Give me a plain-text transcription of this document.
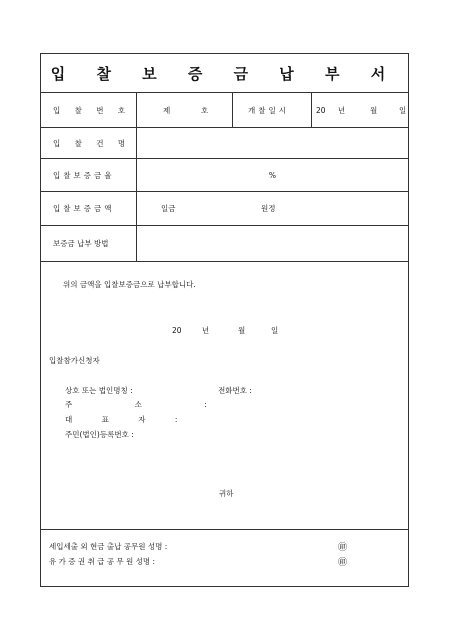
입 찰 보 증 금 납 부 서
입 찰 번 호	제	호	개찰일시	20 년	월	일
입 찰 건 명
입찰보증금율	%
입찰보증금액	일금	원정
보증금 납부 방법
위의 금액을 입찰보증금으로 납부합니다.
20 년	월	일
입찰참가신청자
상호 또는 법인명칭 :	전화번호 :
주 소 :
대 표 자 :
주민(법인)등록번호 :
귀하
세입세출 외 현금 출납 공무원 성명 :	㊞
유 가 증 권 취 급 공 무 원 성명 :	㊞
